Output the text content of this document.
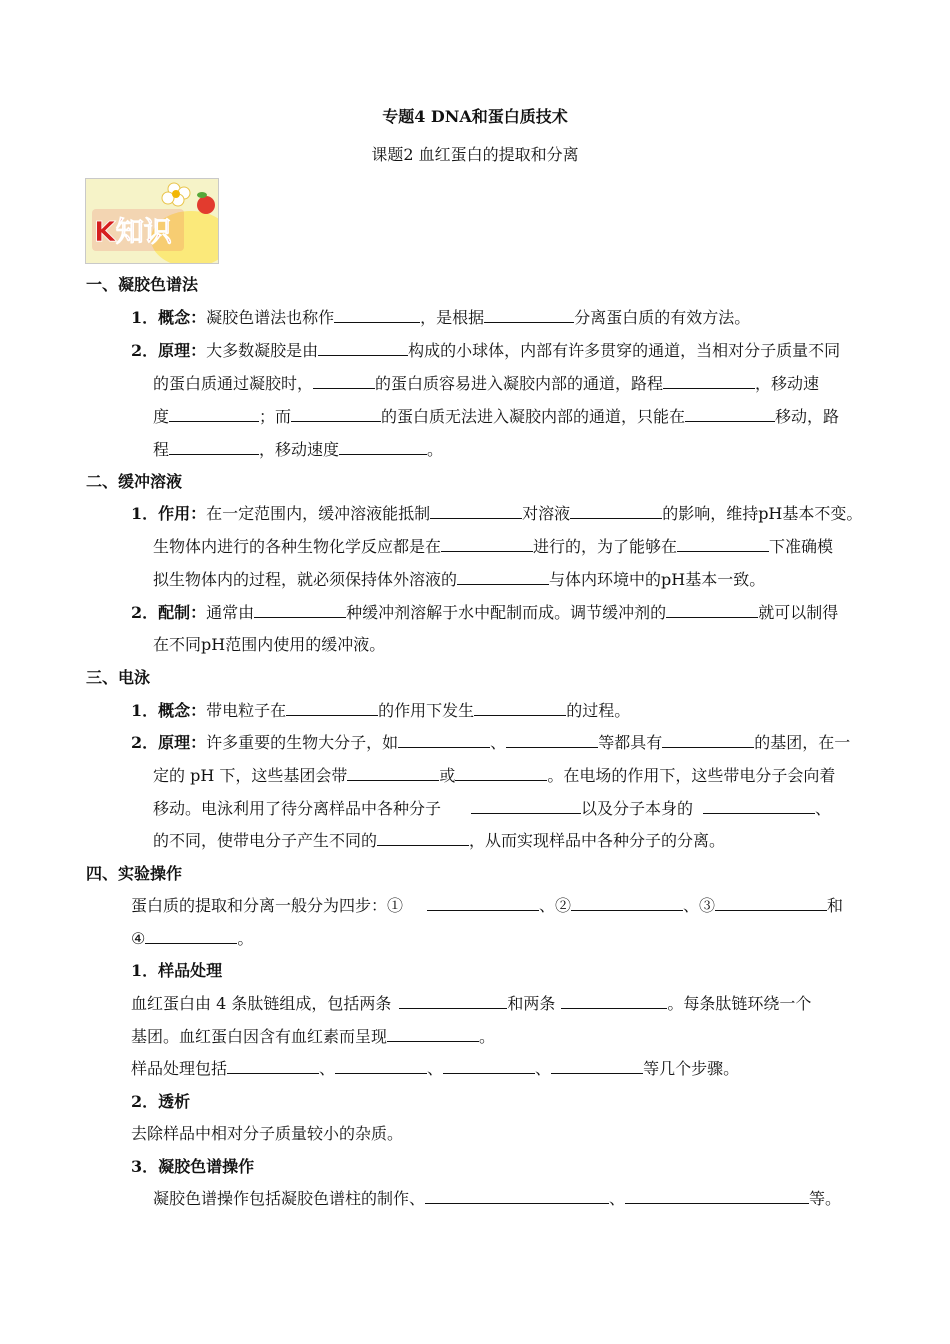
专题4 DNA和蛋白质技术
课题2 血红蛋白的提取和分离
K知识
一、凝胶色谱法
1．概念：凝胶色谱法也称作	，是根据	分离蛋白质的有效方法。
2．原理：大多数凝胶是由	构成的小球体，内部有许多贯穿的通道，当相对分子质量不同
的蛋白质通过凝胶时，	的蛋白质容易进入凝胶内部的通道，路程	，移动速
度	；而	的蛋白质无法进入凝胶内部的通道，只能在	移动，路
程	，移动速度	。
二、缓冲溶液
1．作用：在一定范围内，缓冲溶液能抵制	对溶液	的影响，维持pH基本不变。
生物体内进行的各种生物化学反应都是在	进行的，为了能够在	下准确模
拟生物体内的过程，就必须保持体外溶液的	与体内环境中的pH基本一致。
2．配制：通常由	种缓冲剂溶解于水中配制而成。调节缓冲剂的	就可以制得
在不同pH范围内使用的缓冲液。
三、电泳
1．概念：带电粒子在	的作用下发生	的过程。
2．原理：许多重要的生物大分子，如	、	等都具有	的基团，在一
定的 pH 下，这些基团会带	或	。在电场的作用下，这些带电分子会向着
移动。电泳利用了待分离样品中各种分子	以及分子本身的	、
的不同，使带电分子产生不同的	，从而实现样品中各种分子的分离。
四、实验操作
蛋白质的提取和分离一般分为四步：①	、②	、③	和
④	。
1．样品处理
血红蛋白由 4 条肽链组成，包括两条	和两条	。每条肽链环绕一个
基团。血红蛋白因含有血红素而呈现	。
样品处理包括	、	、	、	等几个步骤。
2．透析
去除样品中相对分子质量较小的杂质。
3．凝胶色谱操作
凝胶色谱操作包括凝胶色谱柱的制作、	、	等。
